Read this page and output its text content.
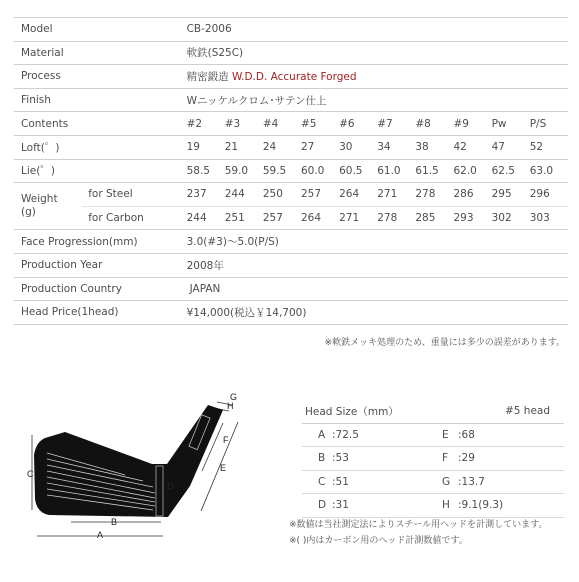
Model		CB-2006									
Material		軟鉄(S25C)									
Process		精密鍛造 W.D.D. Accurate Forged									
Finish		Wニッケルクロム･サテン仕上									
Contents		#2	#3	#4	#5	#6	#7	#8	#9	Pw	P/S
Loft(゜)		19	21	24	27	30	34	38	42	47	52
Lie(゜)		58.5	59.0	59.5	60.0	60.5	61.0	61.5	62.0	62.5	63.0
Weight
(g)	for Steel	237	244	250	257	264	271	278	286	295	296
	for Carbon	244	251	257	264	271	278	285	293	302	303
Face Progression(mm)		3.0(#3)～5.0(P/S)									
Production Year		2008年									
Production Country		JAPAN									
Head Price(1head)		¥14,000(税込￥14,700)									
※軟鉄メッキ処理のため、重量には多少の誤差があります。
C
A
B
D
E
F
G
H	Head Size（mm）		#5 head	
A	:72.5	E	:68
B	:53	F	:29
C	:51	G	:13.7
D	:31	H	:9.1(9.3)
※数値は当社測定法によりスチール用ヘッドを計測しています。
※( )内はカーボン用のヘッド計測数値です。
